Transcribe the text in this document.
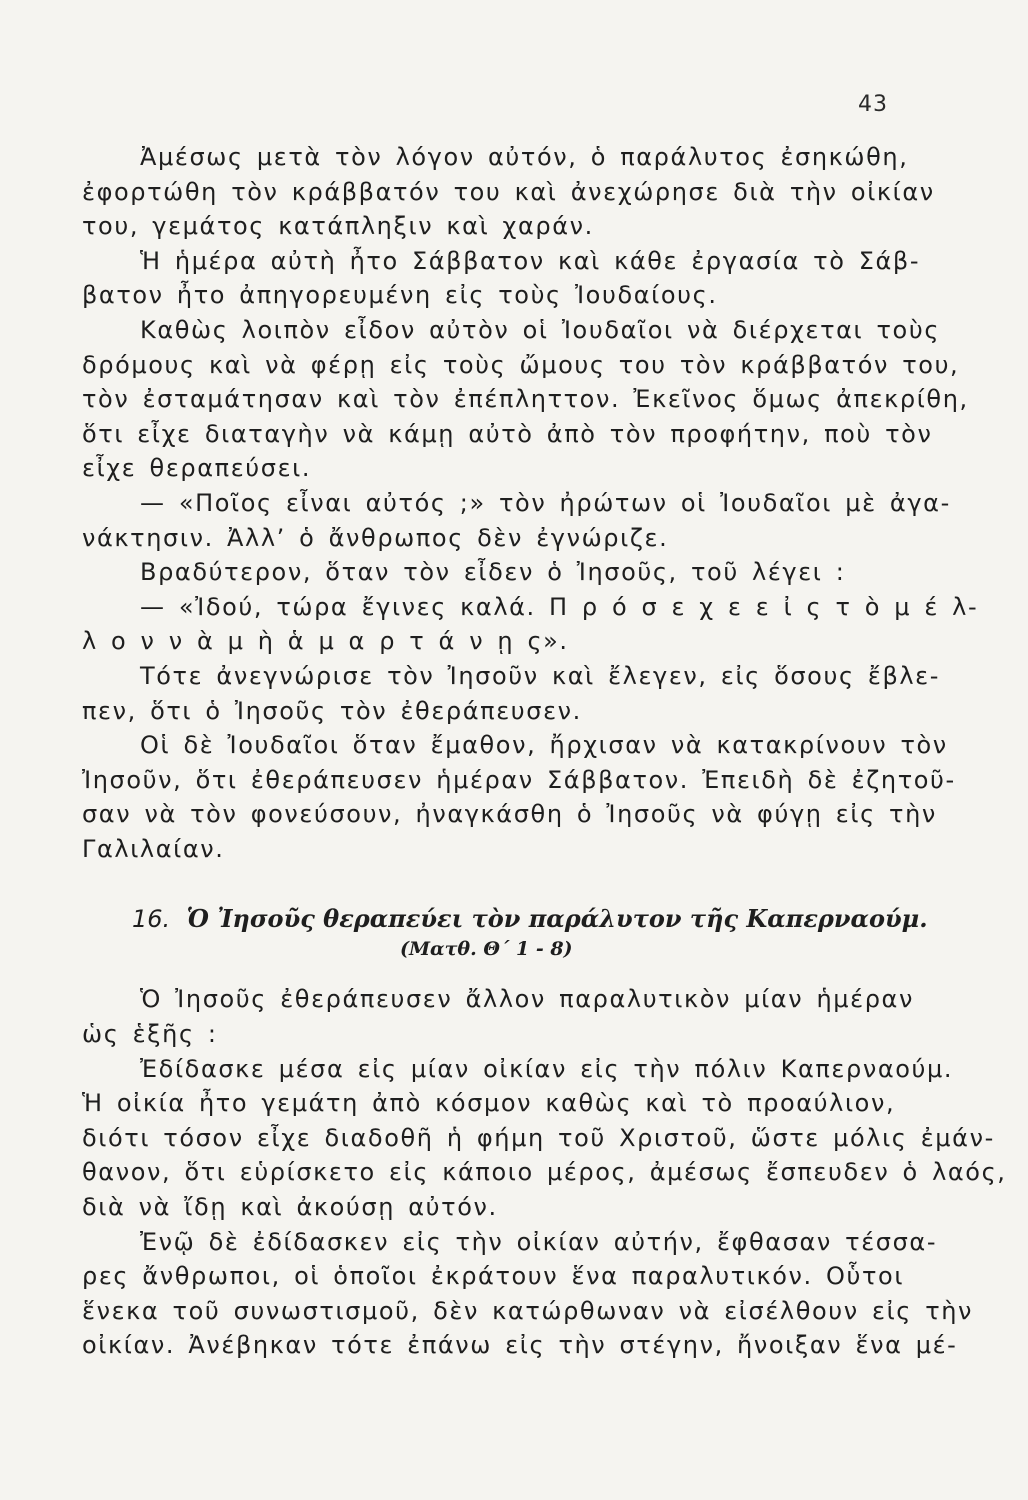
43
Ἀμέσως μετὰ τὸν λόγον αὐτόν, ὁ παράλυτος ἐσηκώθη,
ἐφορτώθη τὸν κράββατόν του καὶ ἀνεχώρησε διὰ τὴν οἰκίαν
του, γεμάτος κατάπληξιν καὶ χαράν.
Ἡ ἡμέρα αὐτὴ ἦτο Σάββατον καὶ κάθε ἐργασία τὸ Σάβ-
βατον ἦτο ἀπηγορευμένη εἰς τοὺς Ἰουδαίους.
Καθὼς λοιπὸν εἶδον αὐτὸν οἱ Ἰουδαῖοι νὰ διέρχεται τοὺς
δρόμους καὶ νὰ φέρῃ εἰς τοὺς ὤμους του τὸν κράββατόν του,
τὸν ἐσταμάτησαν καὶ τὸν ἐπέπληττον. Ἐκεῖνος ὅμως ἀπεκρίθη,
ὅτι εἶχε διαταγὴν νὰ κάμῃ αὐτὸ ἀπὸ τὸν προφήτην, ποὺ τὸν
εἶχε θεραπεύσει.
— «Ποῖος εἶναι αὐτός ;» τὸν ἠρώτων οἱ Ἰουδαῖοι μὲ ἀγα-
νάκτησιν. Ἀλλ’ ὁ ἄνθρωπος δὲν ἐγνώριζε.
Βραδύτερον, ὅταν τὸν εἶδεν ὁ Ἰησοῦς, τοῦ λέγει :
— «Ἰδού, τώρα ἔγινες καλά. Π ρ ό σ ε χ ε ε ἰ ς τ ὸ μ έ λ-
λ ο ν ν ὰ μ ὴ ἁ μ α ρ τ ά ν ῃ ς».
Τότε ἀνεγνώρισε τὸν Ἰησοῦν καὶ ἔλεγεν, εἰς ὅσους ἔβλε-
πεν, ὅτι ὁ Ἰησοῦς τὸν ἐθεράπευσεν.
Οἱ δὲ Ἰουδαῖοι ὅταν ἔμαθον, ἤρχισαν νὰ κατακρίνουν τὸν
Ἰησοῦν, ὅτι ἐθεράπευσεν ἡμέραν Σάββατον. Ἐπειδὴ δὲ ἐζητοῦ-
σαν νὰ τὸν φονεύσουν, ἠναγκάσθη ὁ Ἰησοῦς νὰ φύγῃ εἰς τὴν
Γαλιλαίαν.
16. Ὁ Ἰησοῦς θεραπεύει τὸν παράλυτον τῆς Καπερναούμ.
(Ματθ. Θ΄ 1 - 8)
Ὁ Ἰησοῦς ἐθεράπευσεν ἄλλον παραλυτικὸν μίαν ἡμέραν
ὡς ἑξῆς :
Ἐδίδασκε μέσα εἰς μίαν οἰκίαν εἰς τὴν πόλιν Καπερναούμ.
Ἡ οἰκία ἦτο γεμάτη ἀπὸ κόσμον καθὼς καὶ τὸ προαύλιον,
διότι τόσον εἶχε διαδοθῆ ἡ φήμη τοῦ Χριστοῦ, ὥστε μόλις ἐμάν-
θανον, ὅτι εὑρίσκετο εἰς κάποιο μέρος, ἀμέσως ἔσπευδεν ὁ λαός,
διὰ νὰ ἴδῃ καὶ ἀκούσῃ αὐτόν.
Ἐνῷ δὲ ἐδίδασκεν εἰς τὴν οἰκίαν αὐτήν, ἔφθασαν τέσσα-
ρες ἄνθρωποι, οἱ ὁποῖοι ἐκράτουν ἕνα παραλυτικόν. Οὗτοι
ἕνεκα τοῦ συνωστισμοῦ, δὲν κατώρθωναν νὰ εἰσέλθουν εἰς τὴν
οἰκίαν. Ἀνέβηκαν τότε ἐπάνω εἰς τὴν στέγην, ἤνοιξαν ἕνα μέ-
